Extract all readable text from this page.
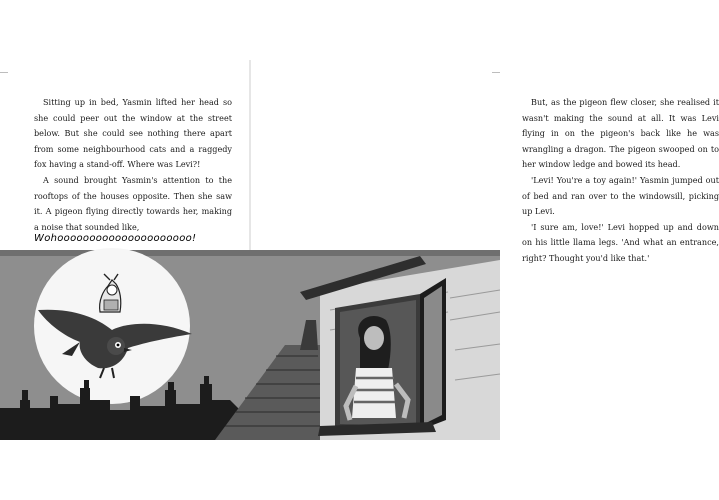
Sitting up in bed, Yasmin lifted her head so she could peer out the window at the street below. But she could see nothing there apart from some neighbourhood cats and a raggedy fox having a stand-off. Where was Levi?!

A sound brought Yasmin's attention to the rooftops of the houses opposite. Then she saw it. A pigeon flying directly towards her, making a noise that sounded like,

Wohooooooooooooooooooooo!

But, as the pigeon flew closer, she realised it wasn't making the sound at all. It was Levi flying in on the pigeon's back like he was wrangling a dragon. The pigeon swooped on to her window ledge and bowed its head.

'Levi! You're a toy again!' Yasmin jumped out of bed and ran over to the windowsill, picking up Levi.

'I sure am, love!' Levi hopped up and down on his little llama legs. 'And what an entrance, right? Thought you'd like that.'
